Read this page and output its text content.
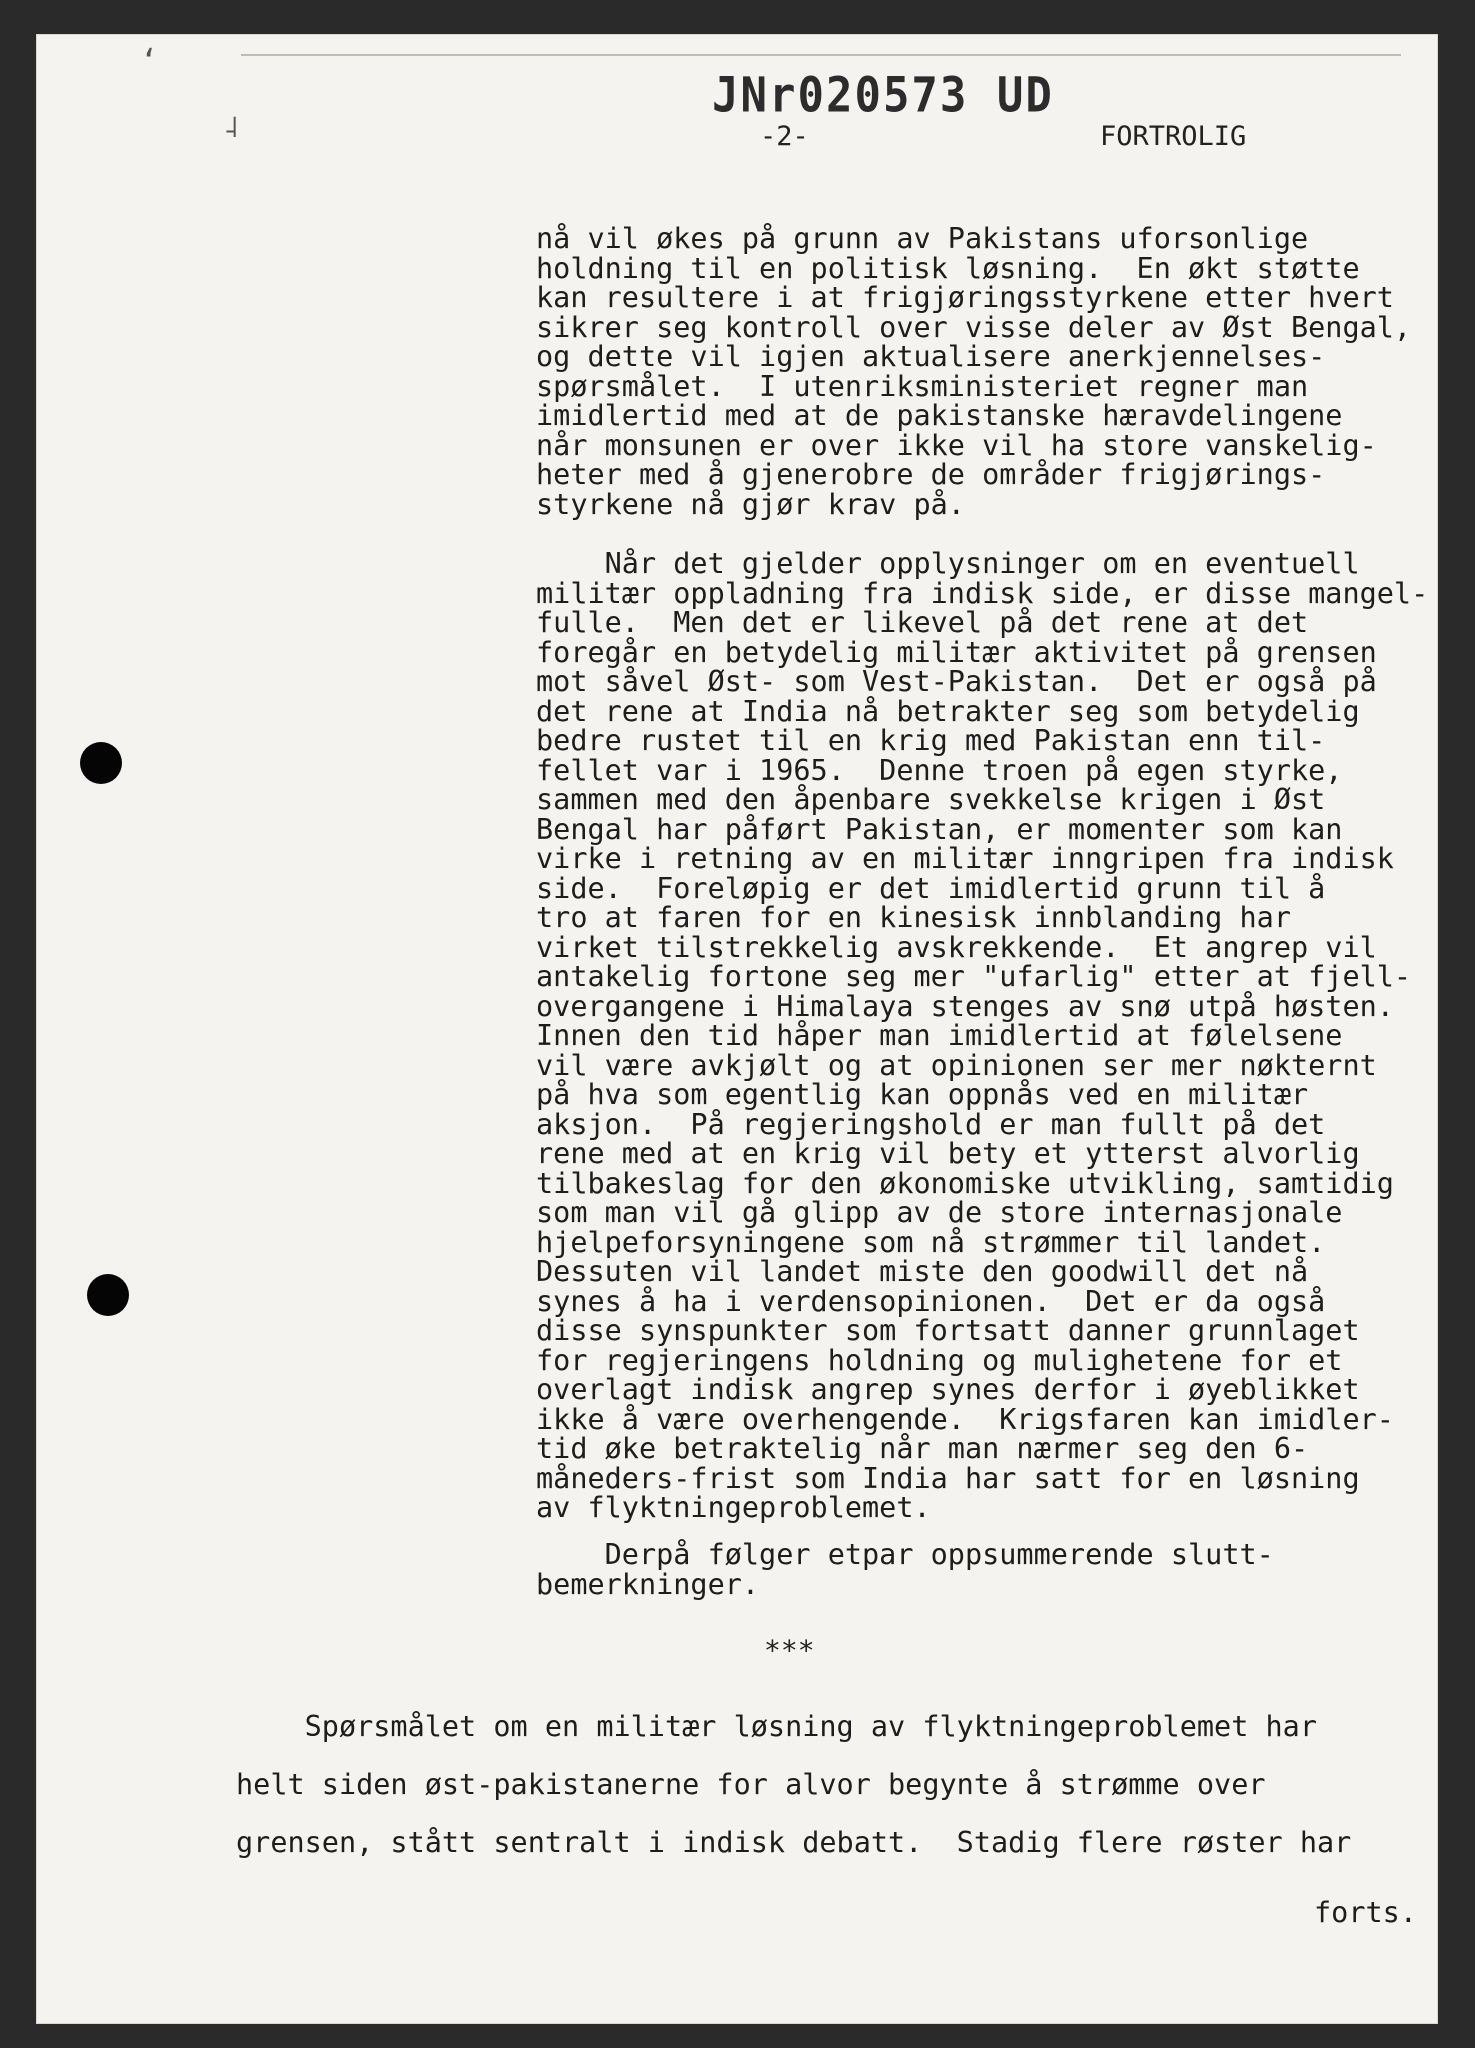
ʻ
˨
JNr020573 UD
-2-	FORTROLIG

nå vil økes på grunn av Pakistans uforsonlige
holdning til en politisk løsning.  En økt støtte
kan resultere i at frigjøringsstyrkene etter hvert
sikrer seg kontroll over visse deler av Øst Bengal,
og dette vil igjen aktualisere anerkjennelses-
spørsmålet.  I utenriksministeriet regner man
imidlertid med at de pakistanske hæravdelingene
når monsunen er over ikke vil ha store vanskelig-
heter med å gjenerobre de områder frigjørings-
styrkene nå gjør krav på.

Når det gjelder opplysninger om en eventuell
militær oppladning fra indisk side, er disse mangel-
fulle.  Men det er likevel på det rene at det
foregår en betydelig militær aktivitet på grensen
mot såvel Øst- som Vest-Pakistan.  Det er også på
det rene at India nå betrakter seg som betydelig
bedre rustet til en krig med Pakistan enn til-
fellet var i 1965.  Denne troen på egen styrke,
sammen med den åpenbare svekkelse krigen i Øst
Bengal har påført Pakistan, er momenter som kan
virke i retning av en militær inngripen fra indisk
side.  Foreløpig er det imidlertid grunn til å
tro at faren for en kinesisk innblanding har
virket tilstrekkelig avskrekkende.  Et angrep vil
antakelig fortone seg mer "ufarlig" etter at fjell-
overgangene i Himalaya stenges av snø utpå høsten.
Innen den tid håper man imidlertid at følelsene
vil være avkjølt og at opinionen ser mer nøkternt
på hva som egentlig kan oppnås ved en militær
aksjon.  På regjeringshold er man fullt på det
rene med at en krig vil bety et ytterst alvorlig
tilbakeslag for den økonomiske utvikling, samtidig
som man vil gå glipp av de store internasjonale
hjelpeforsyningene som nå strømmer til landet.
Dessuten vil landet miste den goodwill det nå
synes å ha i verdensopinionen.  Det er da også
disse synspunkter som fortsatt danner grunnlaget
for regjeringens holdning og mulighetene for et
overlagt indisk angrep synes derfor i øyeblikket
ikke å være overhengende.  Krigsfaren kan imidler-
tid øke betraktelig når man nærmer seg den 6-
måneders-frist som India har satt for en løsning
av flyktningeproblemet.

Derpå følger etpar oppsummerende slutt-
bemerkninger.

***

Spørsmålet om en militær løsning av flyktningeproblemet har
helt siden øst-pakistanerne for alvor begynte å strømme over
grensen, stått sentralt i indisk debatt.  Stadig flere røster har

forts.
